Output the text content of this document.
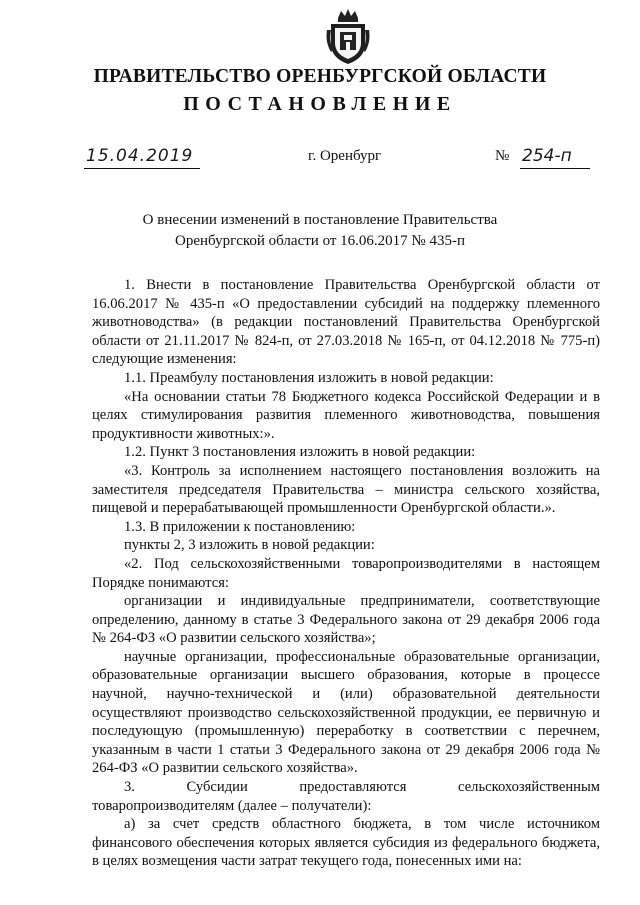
ПРАВИТЕЛЬСТВО ОРЕНБУРГСКОЙ ОБЛАСТИ
ПОСТАНОВЛЕНИЕ
15.04.2019	г. Оренбург	№ 254-п
О внесении изменений в постановление Правительства
Оренбургской области от 16.06.2017 № 435-п

1. Внести в постановление Правительства Оренбургской области от 16.06.2017 № 435-п «О предоставлении субсидий на поддержку племенного животноводства» (в редакции постановлений Правительства Оренбургской области от 21.11.2017 № 824-п, от 27.03.2018 № 165-п, от 04.12.2018 № 775-п) следующие изменения:

1.1. Преамбулу постановления изложить в новой редакции:

«На основании статьи 78 Бюджетного кодекса Российской Федерации и в целях стимулирования развития племенного животноводства, повышения продуктивности животных:».

1.2. Пункт 3 постановления изложить в новой редакции:

«3. Контроль за исполнением настоящего постановления возложить на заместителя председателя Правительства – министра сельского хозяйства, пищевой и перерабатывающей промышленности Оренбургской области.».

1.3. В приложении к постановлению:

пункты 2, 3 изложить в новой редакции:

«2. Под сельскохозяйственными товаропроизводителями в настоящем Порядке понимаются:

организации и индивидуальные предприниматели, соответствующие определению, данному в статье 3 Федерального закона от 29 декабря 2006 года № 264-ФЗ «О развитии сельского хозяйства»;

научные организации, профессиональные образовательные организации, образовательные организации высшего образования, которые в процессе научной, научно-технической и (или) образовательной деятельности осуществляют производство сельскохозяйственной продукции, ее первичную и последующую (промышленную) переработку в соответствии с перечнем, указанным в части 1 статьи 3 Федерального закона от 29 декабря 2006 года № 264-ФЗ «О развитии сельского хозяйства».

3. Субсидии предоставляются сельскохозяйственным товаропроизводителям (далее – получатели):

а) за счет средств областного бюджета, в том числе источником финансового обеспечения которых является субсидия из федерального бюджета, в целях возмещения части затрат текущего года, понесенных ими на:
